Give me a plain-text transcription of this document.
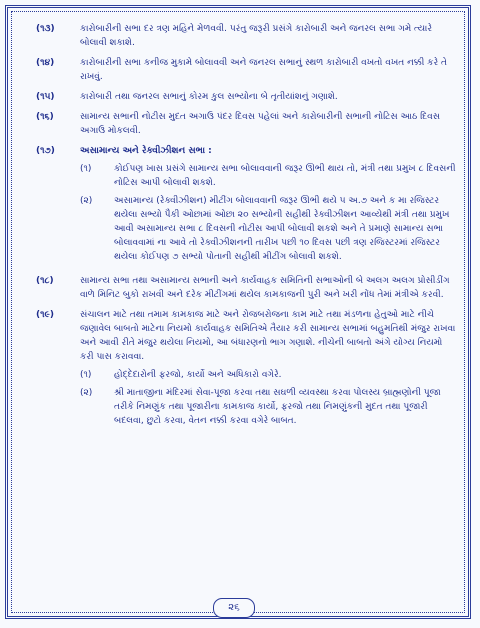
(૧૩)	કારોબારીની સભા દર ત્રણ મહિને મેળવવી. પરંતુ જરૂરી પ્રસંગે કારોબારી અને જનરલ સભા ગમે ત્યારે બોલાવી શકાશે.
(૧૪)	કારોબારીની સભા કનીજ મુકામે બોલાવવી અને જનરલ સભાનું સ્થળ કારોબારી વખતો વખત નક્કી કરે તે રાખવું.
(૧૫)	કારોબારી તથા જનરલ સભાનું કોરમ કુલ સભ્યોના બે તૃતીયાંશનું ગણાશે.
(૧૬)	સામાન્ય સભાની નોટીસ મુદત અગાઉ પંદર દિવસ પહેલાં અને કારોબારીની સભાની નોટિસ આઠ દિવસ અગાઉ મોકલવી.
(૧૭)	અસામાન્ય અને રેક્વીઝીશન સભા :
(૧)	કોઈપણ ખાસ પ્રસંગે સામાન્ય સભા બોલાવવાની જરૂર ઊભી થાય તો, મંત્રી તથા પ્રમુખ ૮ દિવસની નોટિસ આપી બોલાવી શકશે.
(૨)	અસામાન્ય (રેક્વીઝીશન) મીટીંગ બોલાવવાની જરૂર ઊભી થયે ૫ અ.૭ અને ક મા રજિસ્ટર થયેલા સભ્યો પૈકી ઓછામાં ઓછા ૨૦ સભ્યોની સહીથી રેક્વીઝીશન આવ્યેથી મંત્રી તથા પ્રમુખ આવી અસામાન્ય સભા ૮ દિવસની નોટીસ આપી બોલાવી શકશે અને તે પ્રમાણે સામાન્ય સભા બોલાવવામાં ના આવે તો રેક્વીઝીશનની તારીખ પછી ૧૦ દિવસ પછી ત્રણ રજિસ્ટરમાં રજિસ્ટર થયેલા કોઈપણ ૭ સભ્યો પોતાની સહીથી મીટીંગ બોલાવી શકશે.
(૧૮)	સામાન્ય સભા તથા અસામાન્ય સભાની અને કાર્યવાહક સમિતિની સભાઓની બે અલગ અલગ પ્રોસીડીંગ વાળે મિનિટ બુકો રાખવી અને દરેક મીટીંગમાં થયેલ કામકાજની પુરી અને ખરી નોંધ તેમાં મંત્રીએ કરવી.
(૧૯)	સંચાલન માટે તથા તમામ કામકાજ માટે અને રોજબરોજના કામ માટે તથા મંડળના હેતુઓ માટે નીચે જણાવેલ બાબતો માટેના નિયમો કાર્યવાહક સમિતિએ તૈયાર કરી સામાન્ય સભામાં બહુમતિથી મંજુર રાખવા અને આવી રીતે મંજુર થયેલા નિયમો, આ બંધારણનો ભાગ ગણાશે. નીચેની બાબતો અંગે યોગ્ય નિયમો કરી પાસ કરાવવા.
(૧)	હોદ્દેદારોની ફરજો, કાર્યો અને અધિકારો વગેરે.
(૨)	શ્રી માતાજીના મંદિરમાં સેવા-પૂજા કરવા તથા સઘળી વ્યવસ્થા કરવા પોલસ્ય બ્રાહ્મણોની પૂજા તરીકે નિમણુંક તથા પૂજારીના કામકાજ કાર્યો, ફરજો તથા નિમણુંકની મુદત તથા પૂજારી બદલવા, છુટો કરવા, વેતન નક્કી કરવા વગેરે બાબત.
૨૬
